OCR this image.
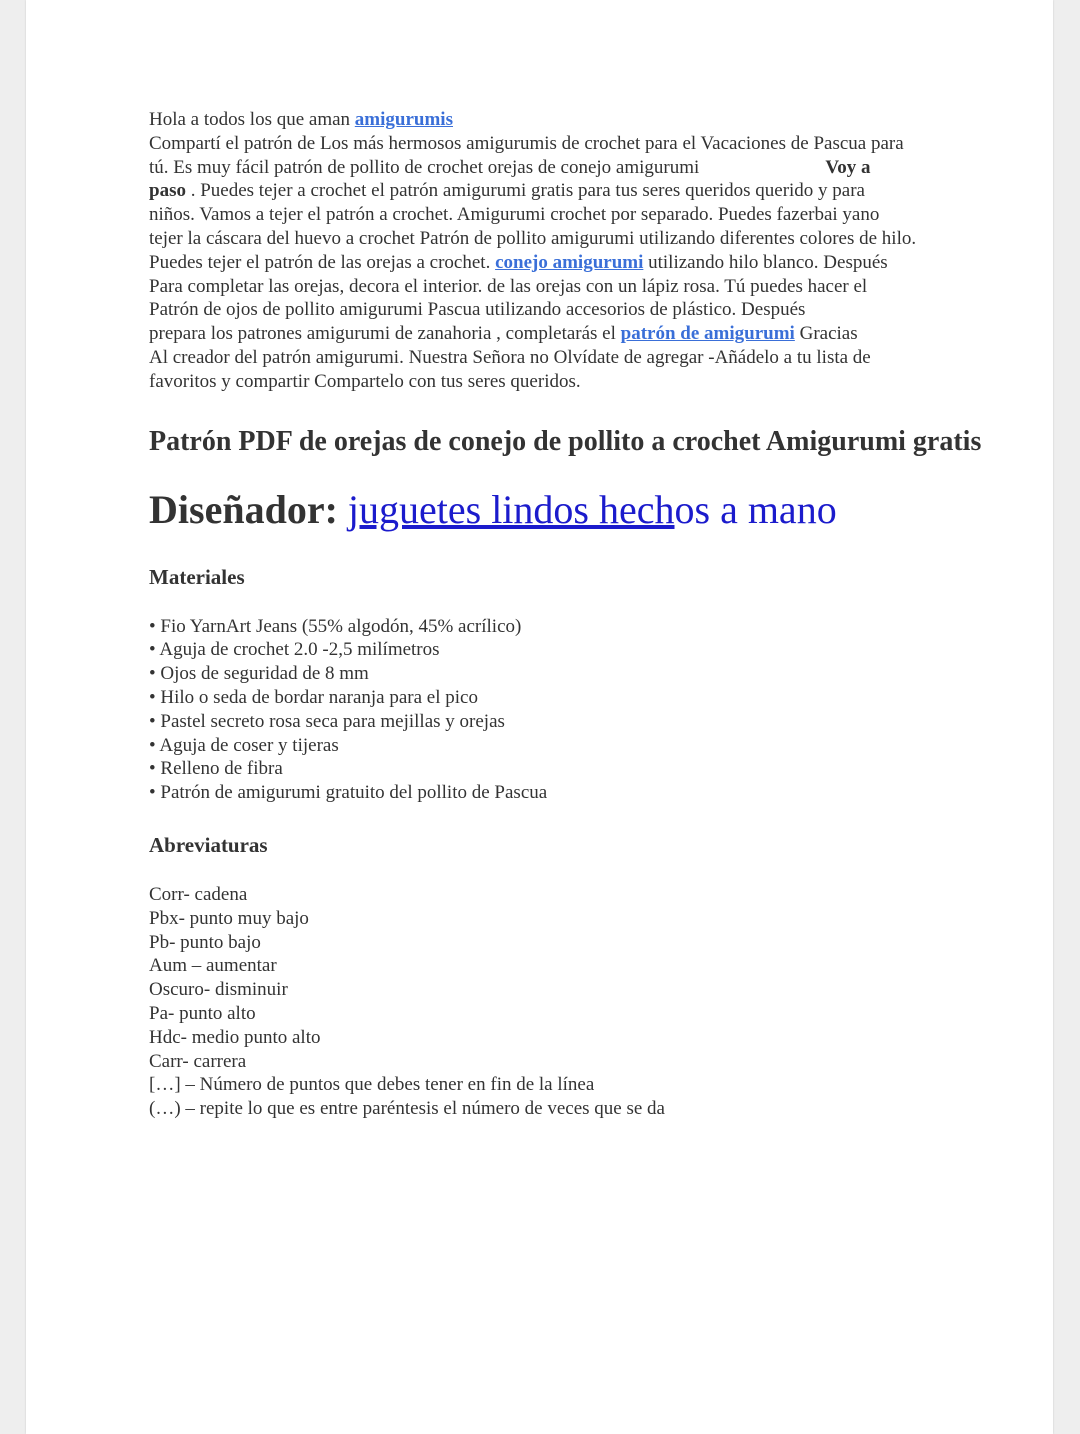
Hola a todos los que aman amigurumis
Compartí el patrón de Los más hermosos amigurumis de crochet para el Vacaciones de Pascua para
tú. Es muy fácil patrón de pollito de crochet orejas de conejo amigurumi	Voy a
paso . Puedes tejer a crochet el patrón amigurumi gratis para tus seres queridos querido y para
niños. Vamos a tejer el patrón a crochet. Amigurumi crochet por separado. Puedes fazerbai yano
tejer la cáscara del huevo a crochet Patrón de pollito amigurumi utilizando diferentes colores de hilo.
Puedes tejer el patrón de las orejas a crochet. conejo amigurumi utilizando hilo blanco. Después
Para completar las orejas, decora el interior. de las orejas con un lápiz rosa. Tú puedes hacer el
Patrón de ojos de pollito amigurumi Pascua utilizando accesorios de plástico. Después
prepara los patrones amigurumi de zanahoria , completarás el patrón de amigurumi Gracias
Al creador del patrón amigurumi. Nuestra Señora no Olvídate de agregar -Añádelo a tu lista de
favoritos y compartir Compartelo con tus seres queridos.

Patrón PDF de orejas de conejo de pollito a crochet Amigurumi gratis
Diseñador: juguetes lindos hechos a mano
Materiales
• Fio YarnArt Jeans (55% algodón, 45% acrílico)
• Aguja de crochet 2.0 -2,5 milímetros
• Ojos de seguridad de 8 mm
• Hilo o seda de bordar naranja para el pico
• Pastel secreto rosa seca para mejillas y orejas
• Aguja de coser y tijeras
• Relleno de fibra
• Patrón de amigurumi gratuito del pollito de Pascua
Abreviaturas
Corr- cadena
Pbx- punto muy bajo
Pb- punto bajo
Aum – aumentar
Oscuro- disminuir
Pa- punto alto
Hdc- medio punto alto
Carr- carrera
[…] – Número de puntos que debes tener en fin de la línea
(…) – repite lo que es entre paréntesis el número de veces que se da
